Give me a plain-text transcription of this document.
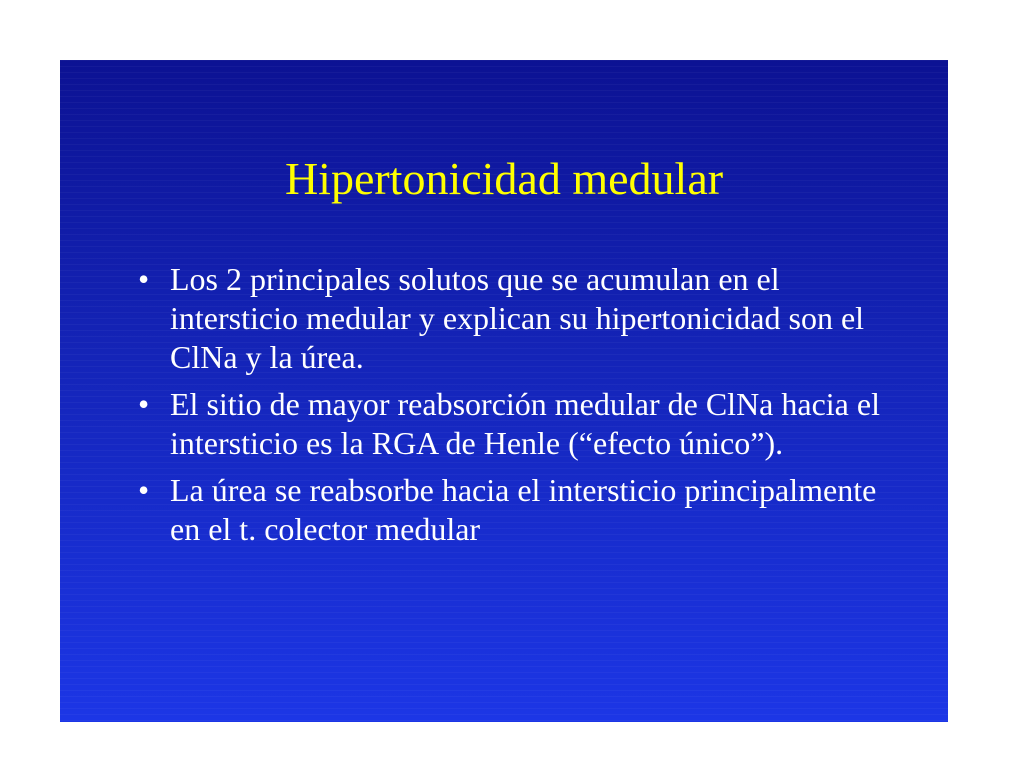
Hipertonicidad medular
• Los 2 principales solutos que se acumulan en el intersticio medular y explican su hipertonicidad son el ClNa y la úrea.
• El sitio de mayor reabsorción medular de ClNa hacia el intersticio es la RGA de Henle (“efecto único”).
• La úrea se reabsorbe hacia el intersticio principalmente en el t. colector medular
